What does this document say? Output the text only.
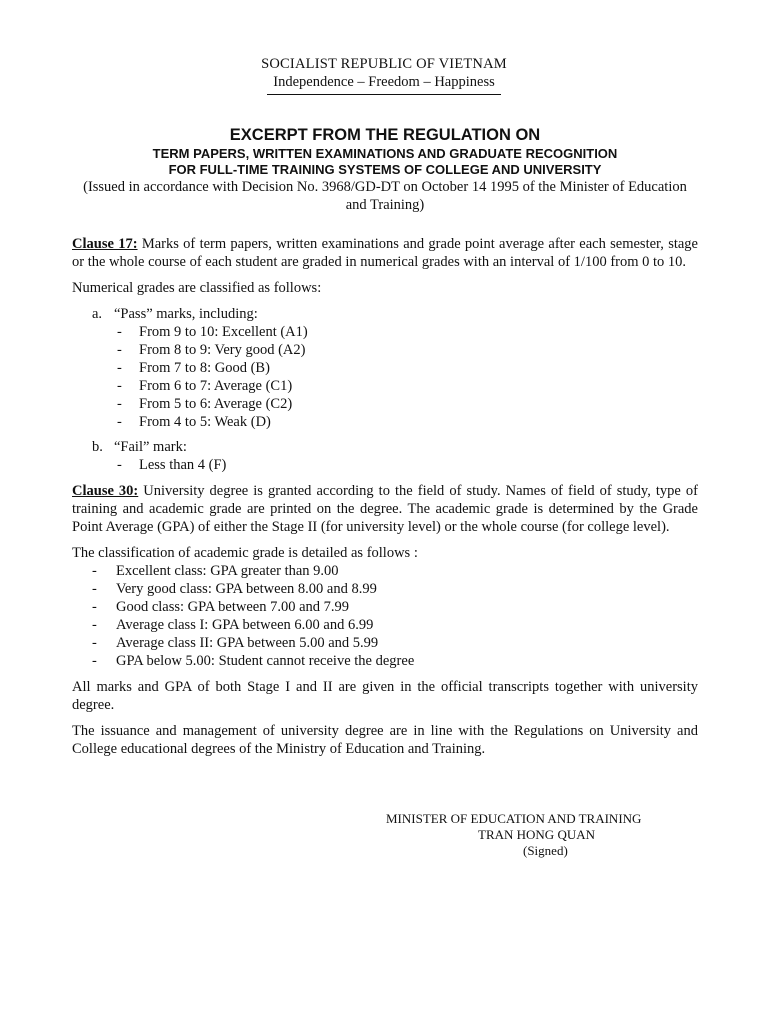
SOCIALIST REPUBLIC OF VIETNAM
Independence – Freedom – Happiness
EXCERPT FROM THE REGULATION ON
TERM PAPERS, WRITTEN EXAMINATIONS AND GRADUATE RECOGNITION
FOR FULL-TIME TRAINING SYSTEMS OF COLLEGE AND UNIVERSITY
(Issued in accordance with Decision No. 3968/GD-DT on October 14 1995 of the Minister of Education and Training)

Clause 17: Marks of term papers, written examinations and grade point average after each semester, stage or the whole course of each student are graded in numerical grades with an interval of 1/100 from 0 to 10.

Numerical grades are classified as follows:

a. “Pass” marks, including:
- From 9 to 10: Excellent (A1)
- From 8 to 9: Very good (A2)
- From 7 to 8: Good (B)
- From 6 to 7: Average (C1)
- From 5 to 6: Average (C2)
- From 4 to 5: Weak (D)
b. “Fail” mark:
- Less than 4 (F)

Clause 30: University degree is granted according to the field of study. Names of field of study, type of training and academic grade are printed on the degree. The academic grade is determined by the Grade Point Average (GPA) of either the Stage II (for university level) or the whole course (for college level).

The classification of academic grade is detailed as follows :
- Excellent class: GPA greater than 9.00
- Very good class: GPA between 8.00 and 8.99
- Good class: GPA between 7.00 and 7.99
- Average class I: GPA between 6.00 and 6.99
- Average class II: GPA between 5.00 and 5.99
- GPA below 5.00: Student cannot receive the degree

All marks and GPA of both Stage I and II are given in the official transcripts together with university degree.

The issuance and management of university degree are in line with the Regulations on University and College educational degrees of the Ministry of Education and Training.

MINISTER OF EDUCATION AND TRAINING
TRAN HONG QUAN
(Signed)
